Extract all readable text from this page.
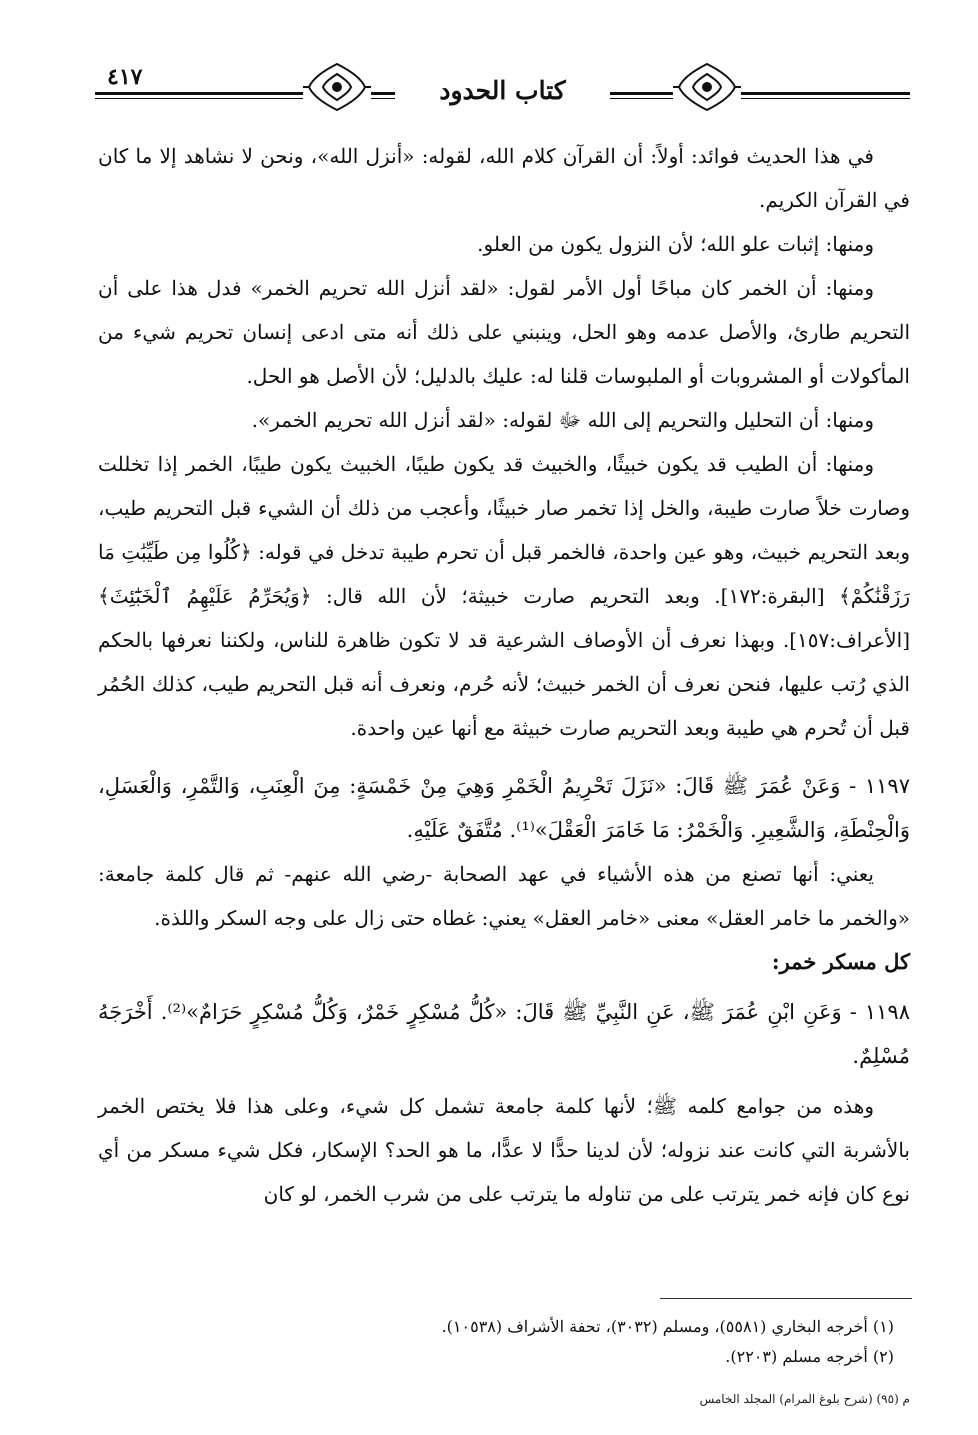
كتاب الحدود
٤١٧

في هذا الحديث فوائد: أولاً: أن القرآن كلام الله، لقوله: «أنزل الله»، ونحن لا نشاهد إلا ما كان في القرآن الكريم.

ومنها: إثبات علو الله؛ لأن النزول يكون من العلو.

ومنها: أن الخمر كان مباحًا أول الأمر لقول: «لقد أنزل الله تحريم الخمر» فدل هذا على أن التحريم طارئ، والأصل عدمه وهو الحل، وينبني على ذلك أنه متى ادعى إنسان تحريم شيء من المأكولات أو المشروبات أو الملبوسات قلنا له: عليك بالدليل؛ لأن الأصل هو الحل.

ومنها: أن التحليل والتحريم إلى الله ﷻ لقوله: «لقد أنزل الله تحريم الخمر».

ومنها: أن الطيب قد يكون خبيثًا، والخبيث قد يكون طيبًا، الخبيث يكون طيبًا، الخمر إذا تخللت وصارت خلاً صارت طيبة، والخل إذا تخمر صار خبيثًا، وأعجب من ذلك أن الشيء قبل التحريم طيب، وبعد التحريم خبيث، وهو عين واحدة، فالخمر قبل أن تحرم طيبة تدخل في قوله: ﴿كُلُوا مِن طَيِّبَٰتِ مَا رَزَقْنَٰكُمْ﴾ [البقرة:١٧٢]. وبعد التحريم صارت خبيثة؛ لأن الله قال: ﴿وَيُحَرِّمُ عَلَيْهِمُ ٱلْخَبَٰٓئِثَ﴾ [الأعراف:١٥٧]. وبهذا نعرف أن الأوصاف الشرعية قد لا تكون ظاهرة للناس، ولكننا نعرفها بالحكم الذي رُتب عليها، فنحن نعرف أن الخمر خبيث؛ لأنه حُرم، ونعرف أنه قبل التحريم طيب، كذلك الحُمُر قبل أن تُحرم هي طيبة وبعد التحريم صارت خبيثة مع أنها عين واحدة.

١١٩٧ - وَعَنْ عُمَرَ ﷺ قَالَ: «نَزَلَ تَحْرِيمُ الْخَمْرِ وَهِيَ مِنْ خَمْسَةٍ: مِنَ الْعِنَبِ، وَالتَّمْرِ، وَالْعَسَلِ، وَالْحِنْطَةِ، وَالشَّعِيرِ. وَالْخَمْرُ: مَا خَامَرَ الْعَقْلَ»⁽¹⁾. مُتَّفَقٌ عَلَيْهِ.

يعني: أنها تصنع من هذه الأشياء في عهد الصحابة -رضي الله عنهم- ثم قال كلمة جامعة: «والخمر ما خامر العقل» معنى «خامر العقل» يعني: غطاه حتى زال على وجه السكر واللذة.

كل مسكر خمر:

١١٩٨ - وَعَنِ ابْنِ عُمَرَ ﷺ، عَنِ النَّبِيِّ ﷺ قَالَ: «كُلُّ مُسْكِرٍ خَمْرٌ، وَكُلُّ مُسْكِرٍ حَرَامٌ»⁽²⁾. أَخْرَجَهُ مُسْلِمٌ.

وهذه من جوامع كلمه ﷺ؛ لأنها كلمة جامعة تشمل كل شيء، وعلى هذا فلا يختص الخمر بالأشربة التي كانت عند نزوله؛ لأن لدينا حدًّا لا عدًّا، ما هو الحد؟ الإسكار، فكل شيء مسكر من أي نوع كان فإنه خمر يترتب على من تناوله ما يترتب على من شرب الخمر، لو كان

(١) أخرجه البخاري (٥٥٨١)، ومسلم (٣٠٣٢)، تحفة الأشراف (١٠٥٣٨).

(٢) أخرجه مسلم (٢٢٠٣).

م (٩٥) (شرح بلوغ المرام) المجلد الخامس
